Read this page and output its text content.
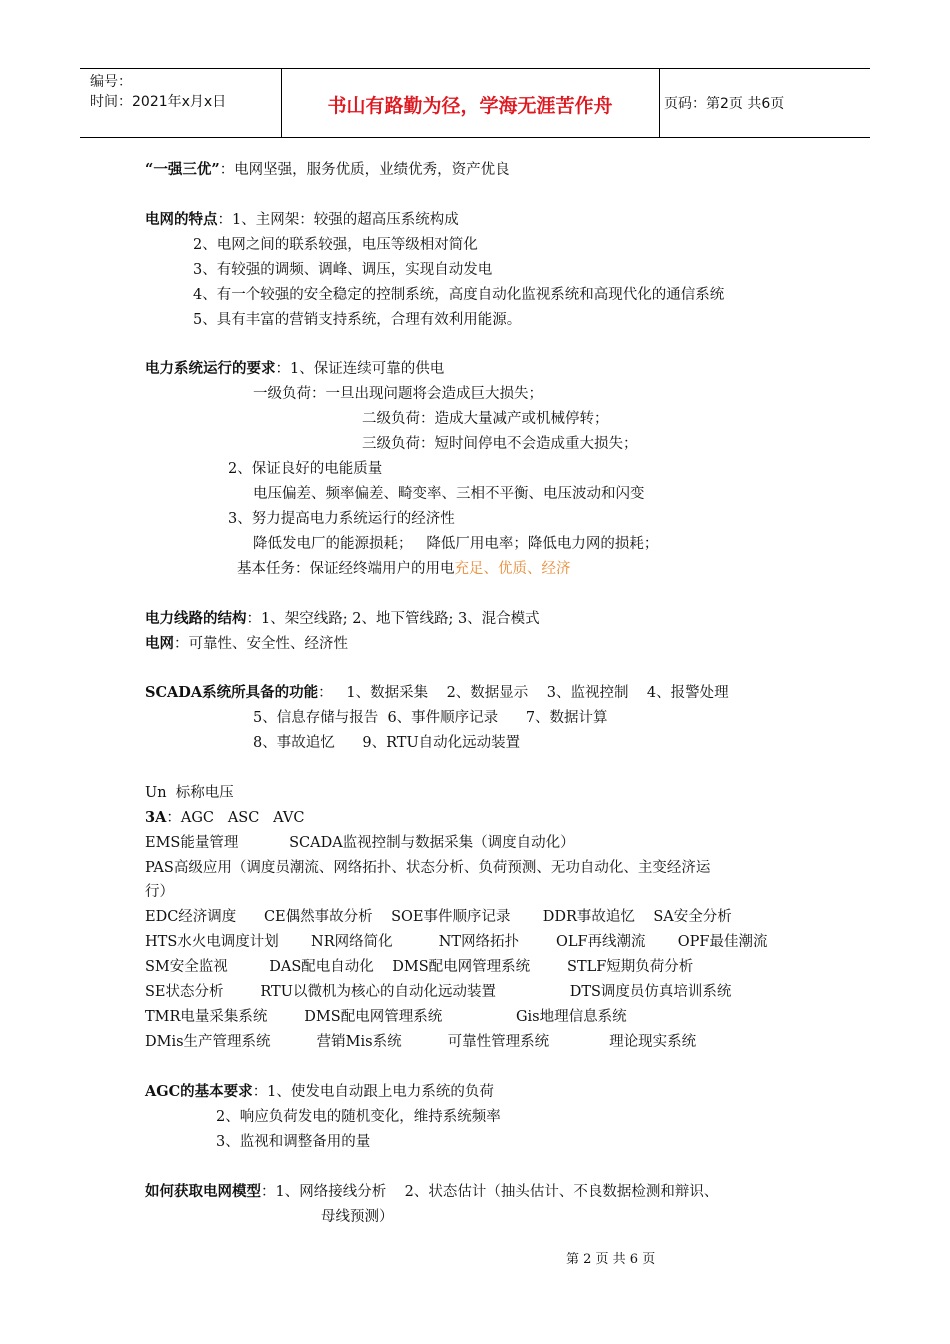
编号：
时间：2021年x月x日	书山有路勤为径，学海无涯苦作舟	页码：第2页 共6页
“一强三优”：电网坚强，服务优质，业绩优秀，资产优良
电网的特点：1、主网架：较强的超高压系统构成
2、电网之间的联系较强，电压等级相对简化
3、有较强的调频、调峰、调压，实现自动发电
4、有一个较强的安全稳定的控制系统，高度自动化监视系统和高现代化的通信系统
5、具有丰富的营销支持系统，合理有效利用能源。
电力系统运行的要求：1、保证连续可靠的供电
一级负荷：一旦出现问题将会造成巨大损失；
二级负荷：造成大量减产或机械停转；
三级负荷：短时间停电不会造成重大损失；
2、保证良好的电能质量
电压偏差、频率偏差、畸变率、三相不平衡、电压波动和闪变
3、努力提高电力系统运行的经济性
降低发电厂的能源损耗；   降低厂用电率；降低电力网的损耗；
基本任务：保证经终端用户的用电充足、优质、经济
电力线路的结构：1、架空线路; 2、地下管线路; 3、混合模式
电网：可靠性、安全性、经济性
SCADA系统所具备的功能：   1、数据采集    2、数据显示    3、监视控制    4、报警处理
5、信息存储与报告  6、事件顺序记录      7、数据计算
8、事故追忆      9、RTU自动化远动装置
Un  标称电压
3A：AGC   ASC   AVC
EMS能量管理           SCADA监视控制与数据采集（调度自动化）
PAS高级应用（调度员潮流、网络拓扑、状态分析、负荷预测、无功自动化、主变经济运
行）
EDC经济调度      CE偶然事故分析    SOE事件顺序记录       DDR事故追忆    SA安全分析
HTS水火电调度计划       NR网络简化          NT网络拓扑        OLF再线潮流       OPF最佳潮流
SM安全监视         DAS配电自动化    DMS配电网管理系统        STLF短期负荷分析
SE状态分析        RTU以微机为核心的自动化远动装置                DTS调度员仿真培训系统
TMR电量采集系统        DMS配电网管理系统                Gis地理信息系统
DMis生产管理系统          营销Mis系统          可靠性管理系统             理论现实系统
AGC的基本要求：1、使发电自动跟上电力系统的负荷
2、响应负荷发电的随机变化，维持系统频率
3、监视和调整备用的量
如何获取电网模型：1、网络接线分析    2、状态估计（抽头估计、不良数据检测和辩识、
母线预测）
第 2 页 共 6 页
